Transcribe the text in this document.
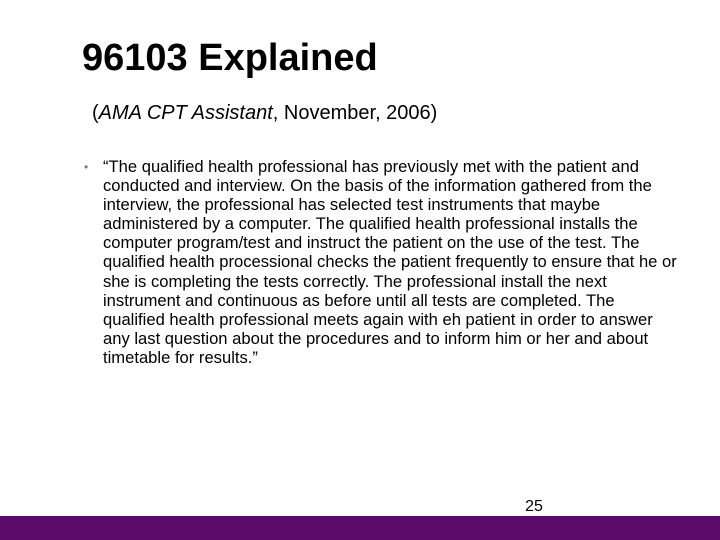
96103 Explained
(AMA CPT Assistant, November, 2006)
• “The qualified health professional has previously met with the patient and conducted and interview. On the basis of the information gathered from the interview, the professional has selected test instruments that maybe administered by a computer. The qualified health professional installs the computer program/test and instruct the patient on the use of the test. The qualified health processional checks the patient frequently to ensure that he or she is completing the tests correctly. The professional install the next instrument and continuous as before until all tests are completed. The qualified health professional meets again with eh patient in order to answer any last question about the procedures and to inform him or her and about timetable for results.”
25
